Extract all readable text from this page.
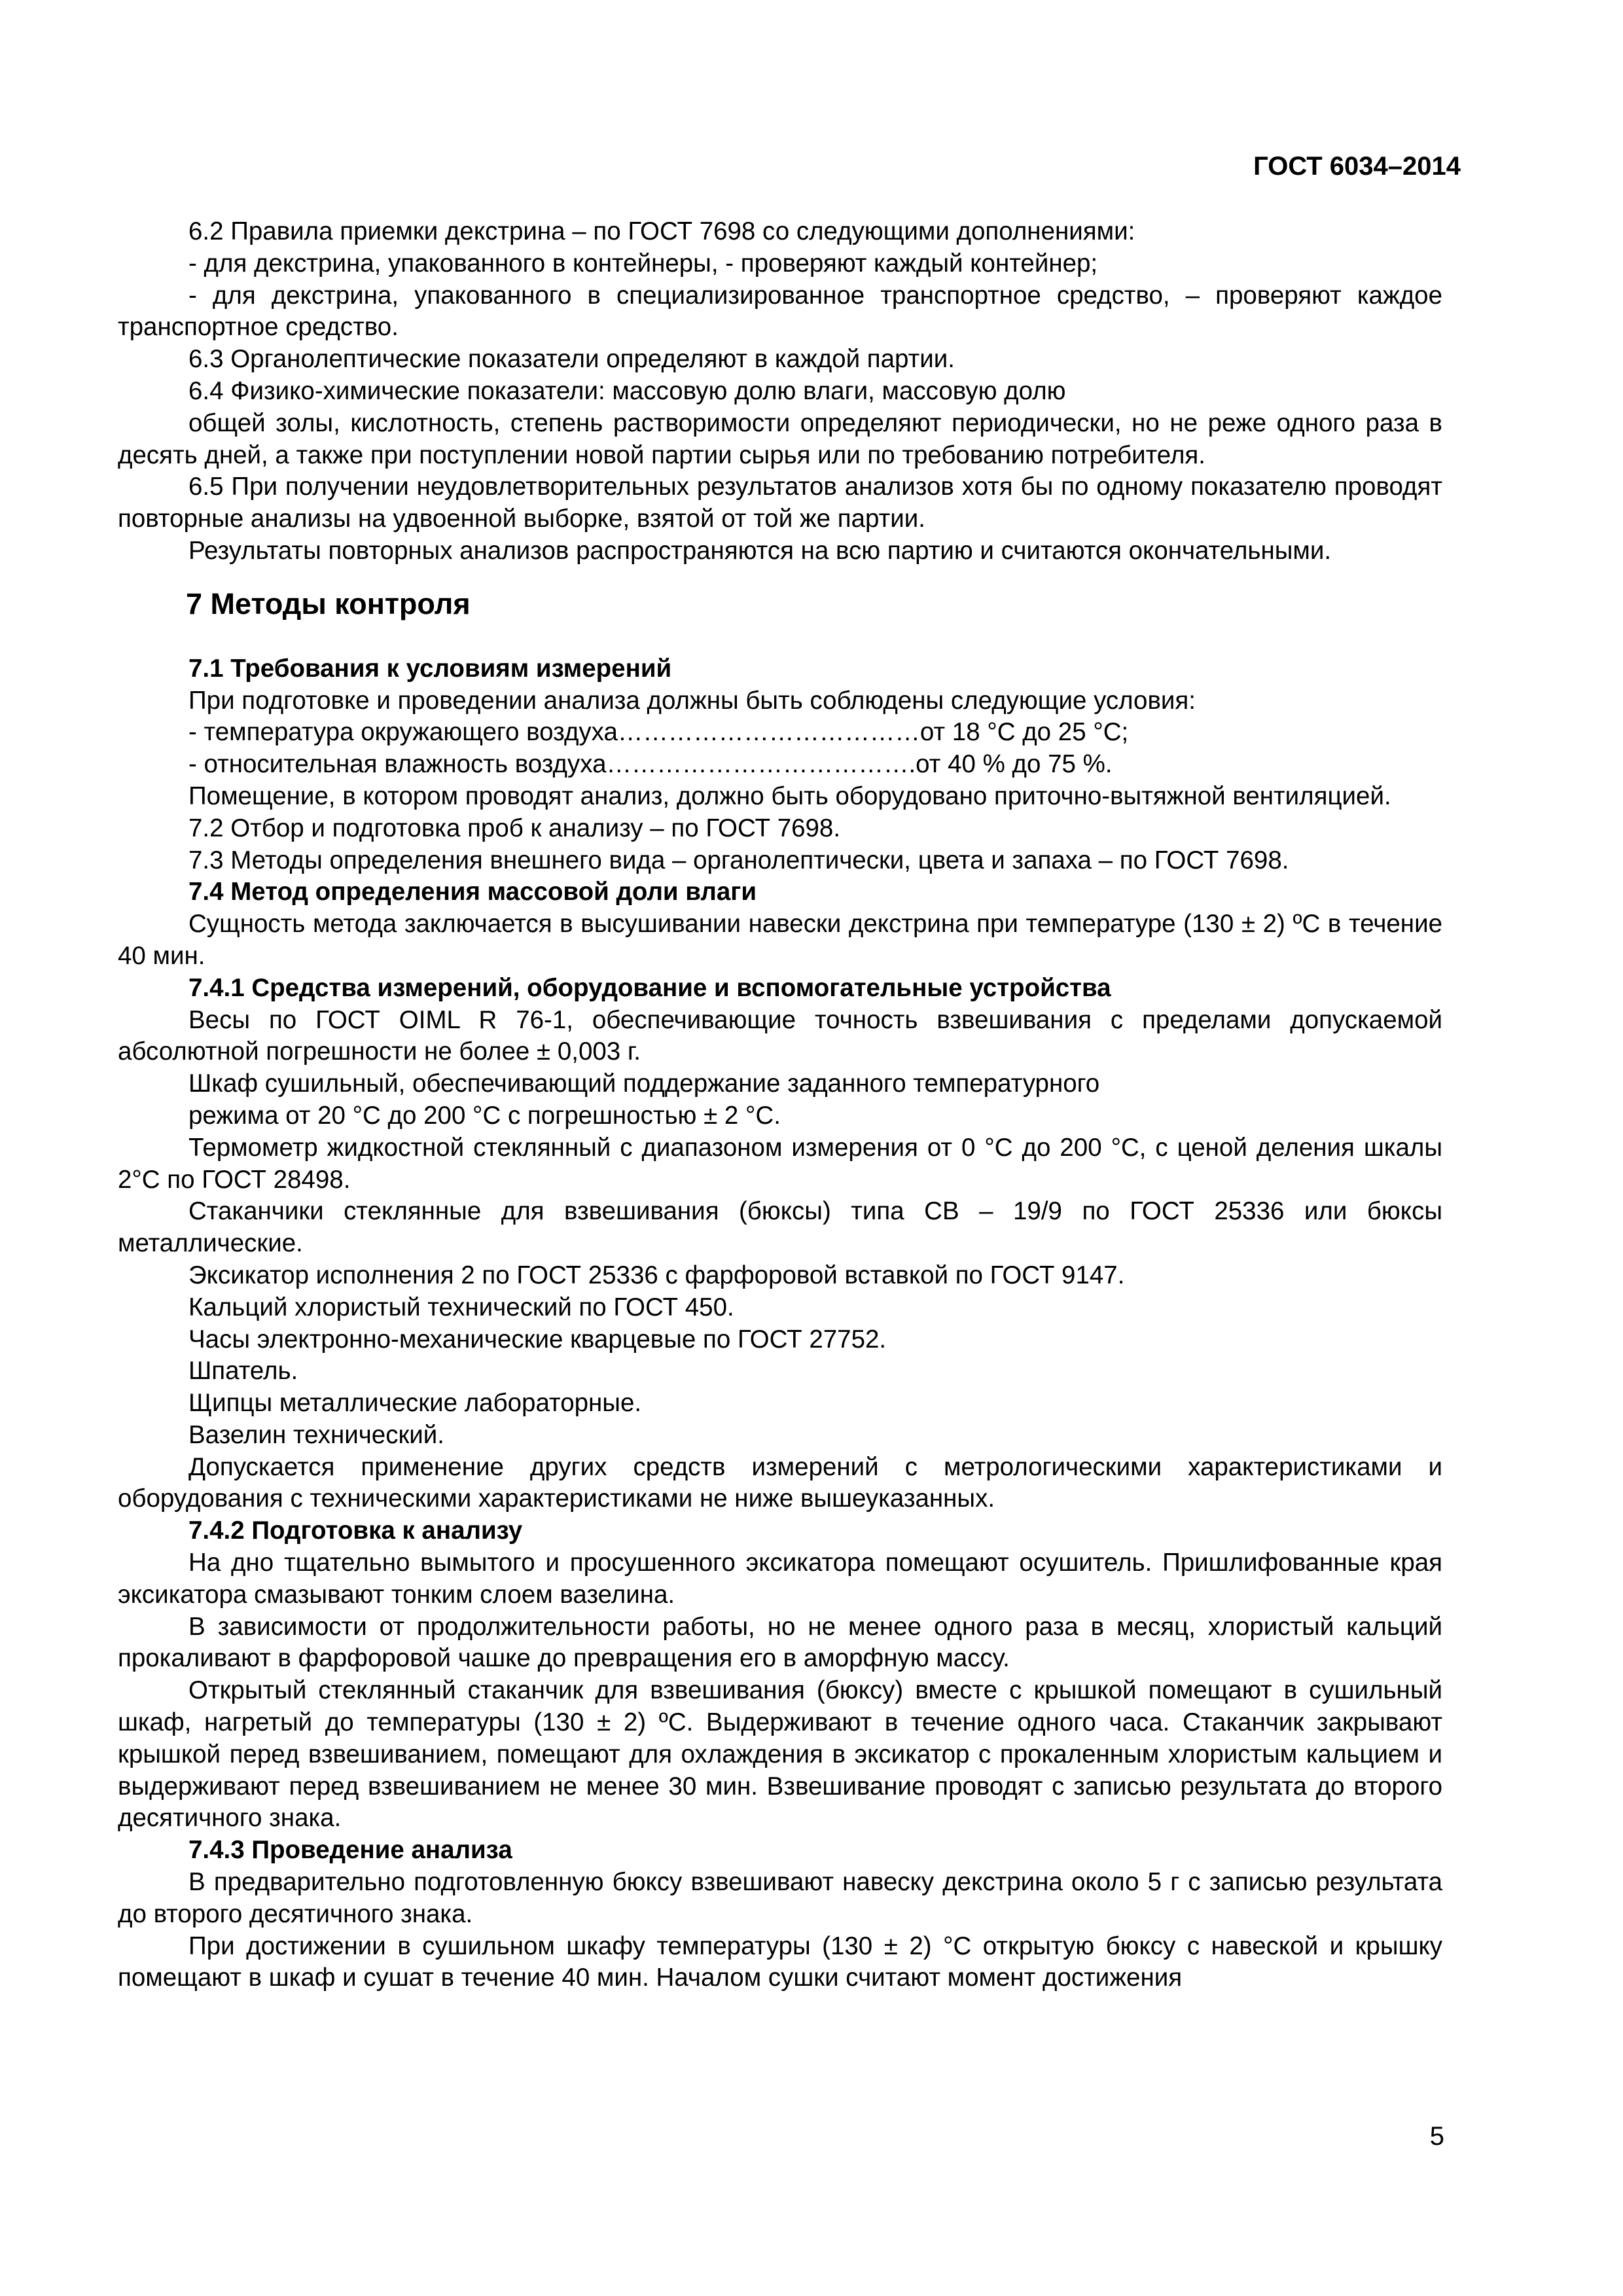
ГОСТ 6034–2014

6.2 Правила приемки декстрина – по ГОСТ 7698 со следующими дополнениями:

- для декстрина, упакованного в контейнеры, - проверяют каждый контейнер;

- для декстрина, упакованного в специализированное транспортное средство, – проверяют каждое транспортное средство.

6.3 Органолептические показатели определяют в каждой партии.

6.4 Физико-химические показатели: массовую долю влаги, массовую долю

общей золы, кислотность, степень растворимости определяют периодически, но не реже одного раза в десять дней, а также при поступлении новой партии сырья или по требованию потребителя.

6.5 При получении неудовлетворительных результатов анализов хотя бы по одному показателю проводят повторные анализы на удвоенной выборке, взятой от той же партии.

Результаты повторных анализов распространяются на всю партию и считаются окончательными.

7 Методы контроля

7.1 Требования к условиям измерений

При подготовке и проведении анализа должны быть соблюдены следующие условия:

- температура окружающего воздуха………………………………от 18 °С до 25 °С;

- относительная влажность воздуха……………………………….от 40 % до 75 %.

Помещение, в котором проводят анализ, должно быть оборудовано приточно-вытяжной вентиляцией.

7.2 Отбор и подготовка проб к анализу – по ГОСТ 7698.

7.3 Методы определения внешнего вида – органолептически, цвета и запаха – по ГОСТ 7698.

7.4 Метод определения массовой доли влаги

Сущность метода заключается в высушивании навески декстрина при температуре (130 ± 2) ºС в течение 40 мин.

7.4.1 Средства измерений, оборудование и вспомогательные устройства

Весы по ГОСТ OIML R 76-1, обеспечивающие точность взвешивания с пределами допускаемой абсолютной погрешности не более ± 0,003 г.

Шкаф сушильный, обеспечивающий поддержание заданного температурного

режима от 20 °С до 200 °С с погрешностью ± 2 °С.

Термометр жидкостной стеклянный с диапазоном измерения от 0 °С до 200 °С, с ценой деления шкалы 2°С по ГОСТ 28498.

Стаканчики стеклянные для взвешивания (бюксы) типа СВ – 19/9 по ГОСТ 25336 или бюксы металлические.

Эксикатор исполнения 2 по ГОСТ 25336 с фарфоровой вставкой по ГОСТ 9147.

Кальций хлористый технический по ГОСТ 450.

Часы электронно-механические кварцевые по ГОСТ 27752.

Шпатель.

Щипцы металлические лабораторные.

Вазелин технический.

Допускается применение других средств измерений с метрологическими характеристиками и оборудования с техническими характеристиками не ниже вышеуказанных.

7.4.2 Подготовка к анализу

На дно тщательно вымытого и просушенного эксикатора помещают осушитель. Пришлифованные края эксикатора смазывают тонким слоем вазелина.

В зависимости от продолжительности работы, но не менее одного раза в месяц, хлористый кальций прокаливают в фарфоровой чашке до превращения его в аморфную массу.

Открытый стеклянный стаканчик для взвешивания (бюксу) вместе с крышкой помещают в сушильный шкаф, нагретый до температуры (130 ± 2) ºС. Выдерживают в течение одного часа. Стаканчик закрывают крышкой перед взвешиванием, помещают для охлаждения в эксикатор с прокаленным хлористым кальцием и выдерживают перед взвешиванием не менее 30 мин. Взвешивание проводят с записью результата до второго десятичного знака.

7.4.3 Проведение анализа

В предварительно подготовленную бюксу взвешивают навеску декстрина около 5 г с записью результата до второго десятичного знака.

При достижении в сушильном шкафу температуры (130 ± 2) °С открытую бюксу с навеской и крышку помещают в шкаф и сушат в течение 40 мин. Началом сушки считают момент достижения

5
